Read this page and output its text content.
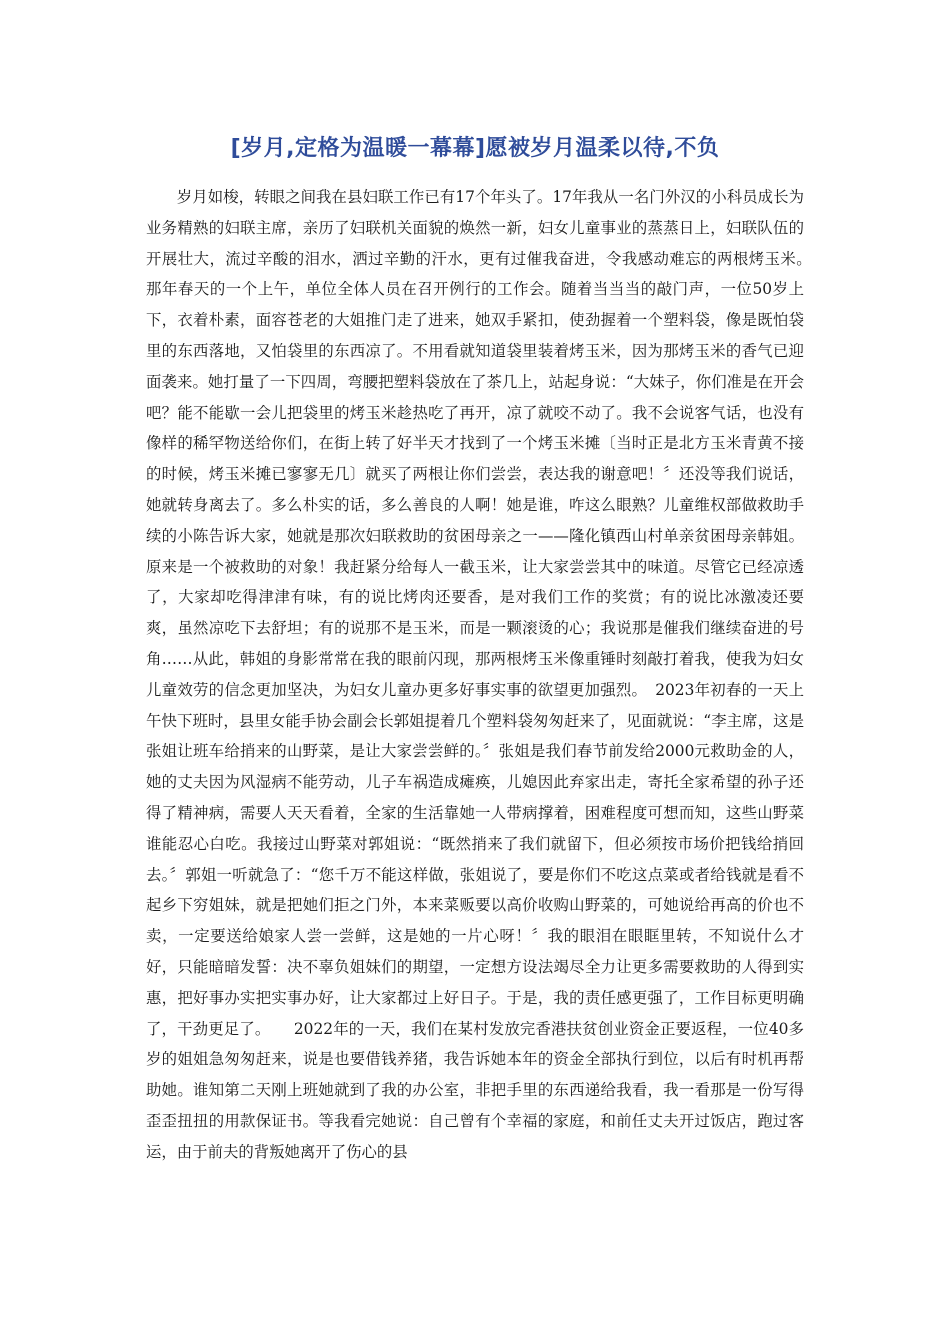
[岁月,定格为温暖一幕幕]愿被岁月温柔以待,不负

岁月如梭，转眼之间我在县妇联工作已有17个年头了。17年我从一名门外汉的小科员成长为业务精熟的妇联主席，亲历了妇联机关面貌的焕然一新，妇女儿童事业的蒸蒸日上，妇联队伍的开展壮大，流过辛酸的泪水，洒过辛勤的汗水，更有过催我奋进，令我感动难忘的两根烤玉米。　　那年春天的一个上午，单位全体人员在召开例行的工作会。随着当当当的敲门声，一位50岁上下，衣着朴素，面容苍老的大姐推门走了进来，她双手紧扣，使劲握着一个塑料袋，像是既怕袋里的东西落地，又怕袋里的东西凉了。不用看就知道袋里装着烤玉米，因为那烤玉米的香气已迎面袭来。她打量了一下四周，弯腰把塑料袋放在了茶几上，站起身说：“大妹子，你们准是在开会吧？能不能歇一会儿把袋里的烤玉米趁热吃了再开，凉了就咬不动了。我不会说客气话，也没有像样的稀罕物送给你们，在街上转了好半天才找到了一个烤玉米摊〔当时正是北方玉米青黄不接的时候，烤玉米摊已寥寥无几〕就买了两根让你们尝尝，表达我的谢意吧！〞还没等我们说话，她就转身离去了。多么朴实的话，多么善良的人啊！她是谁，咋这么眼熟？儿童维权部做救助手续的小陈告诉大家，她就是那次妇联救助的贫困母亲之一——隆化镇西山村单亲贫困母亲韩姐。原来是一个被救助的对象！我赶紧分给每人一截玉米，让大家尝尝其中的味道。尽管它已经凉透了，大家却吃得津津有味，有的说比烤肉还要香，是对我们工作的奖赏；有的说比冰激凌还要爽，虽然凉吃下去舒坦；有的说那不是玉米，而是一颗滚烫的心；我说那是催我们继续奋进的号角……从此，韩姐的身影常常在我的眼前闪现，那两根烤玉米像重锤时刻敲打着我，使我为妇女儿童效劳的信念更加坚决，为妇女儿童办更多好事实事的欲望更加强烈。　2023年初春的一天上午快下班时，县里女能手协会副会长郭姐提着几个塑料袋匆匆赶来了，见面就说：“李主席，这是张姐让班车给捎来的山野菜，是让大家尝尝鲜的。〞张姐是我们春节前发给2000元救助金的人，她的丈夫因为风湿病不能劳动，儿子车祸造成瘫痪，儿媳因此弃家出走，寄托全家希望的孙子还得了精神病，需要人天天看着，全家的生活靠她一人带病撑着，困难程度可想而知，这些山野菜谁能忍心白吃。我接过山野菜对郭姐说：“既然捎来了我们就留下，但必须按市场价把钱给捎回去。〞郭姐一听就急了：“您千万不能这样做，张姐说了，要是你们不吃这点菜或者给钱就是看不起乡下穷姐妹，就是把她们拒之门外，本来菜贩要以高价收购山野菜的，可她说给再高的价也不卖，一定要送给娘家人尝一尝鲜，这是她的一片心呀！〞我的眼泪在眼眶里转，不知说什么才好，只能暗暗发誓：决不辜负姐妹们的期望，一定想方设法竭尽全力让更多需要救助的人得到实惠，把好事办实把实事办好，让大家都过上好日子。于是，我的责任感更强了，工作目标更明确了，干劲更足了。　　2022年的一天，我们在某村发放完香港扶贫创业资金正要返程，一位40多岁的姐姐急匆匆赶来，说是也要借钱养猪，我告诉她本年的资金全部执行到位，以后有时机再帮助她。谁知第二天刚上班她就到了我的办公室，非把手里的东西递给我看，我一看那是一份写得歪歪扭扭的用款保证书。等我看完她说：自己曾有个幸福的家庭，和前任丈夫开过饭店，跑过客运，由于前夫的背叛她离开了伤心的县
